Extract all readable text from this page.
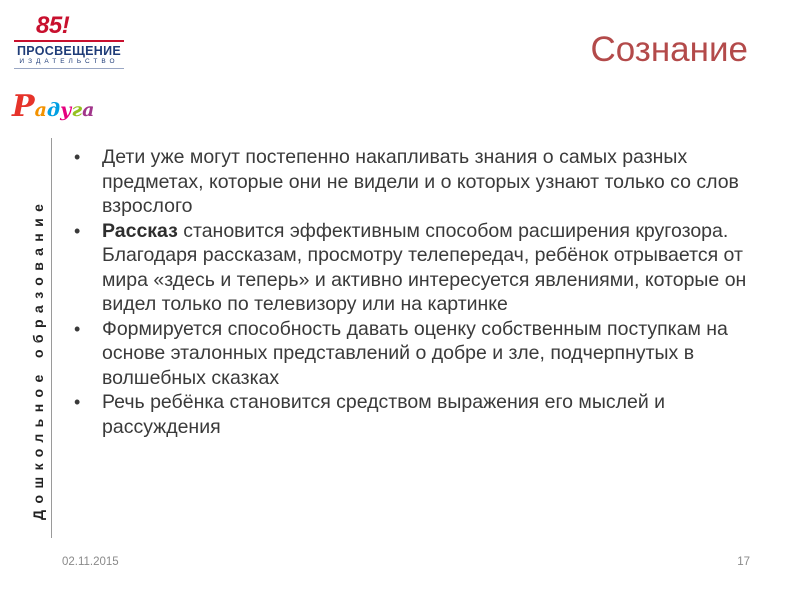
85!
ПРОСВЕЩЕНИЕ
ИЗДАТЕЛЬСТВО
Радуга
Дошкольное образование
Сознание
•	Дети уже могут постепенно накапливать знания о самых разных предметах, которые они не видели и о которых узнают только со слов взрослого
•	Рассказ становится эффективным способом расширения кругозора. Благодаря рассказам, просмотру телепередач, ребёнок отрывается от мира «здесь и теперь» и активно интересуется явлениями, которые он видел только по телевизору или на картинке
•	Формируется способность давать оценку собственным поступкам на основе эталонных представлений о добре и зле, подчерпнутых в волшебных сказках
•	Речь ребёнка становится средством выражения его мыслей и рассуждения
02.11.2015	17
